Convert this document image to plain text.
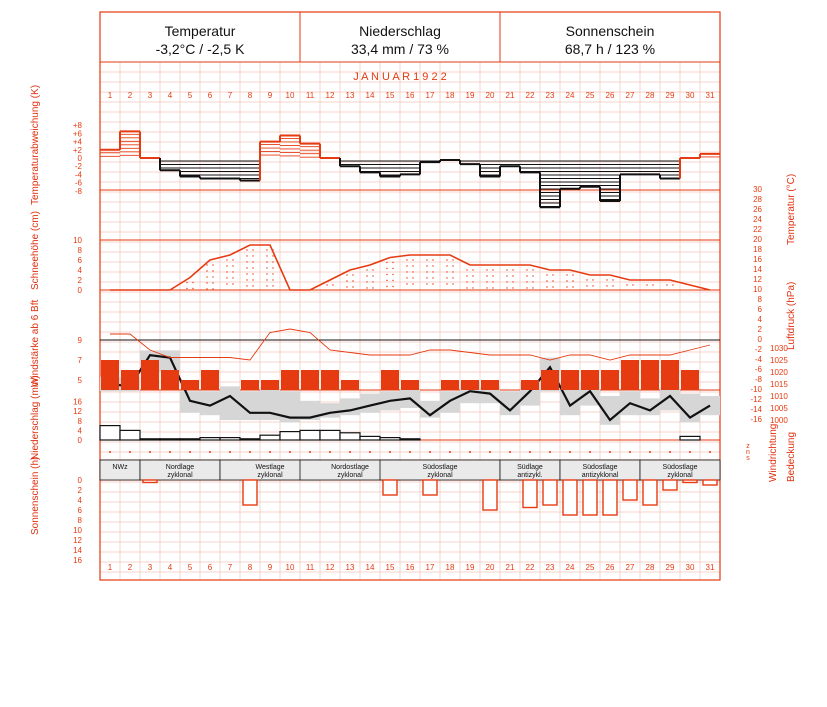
Temperatur
-3,2°C / -2,5 K
Niederschlag
33,4 mm / 73 %
Sonnenschein
68,7 h / 123 %
J A N U A R 1 9 2 2
1
1
2
2
3
3
4
4
5
5
6
6
7
7
8
8
9
9
10
10
11
11
12
12
13
13
14
14
15
15
16
16
17
17
18
18
19
19
20
20
21
21
22
22
23
23
24
24
25
25
26
26
27
27
28
28
29
29
30
30
31
31
+8
+6
+4
+2
0
-2
-4
-6
-8	30
28
26
24
22
20
18
16
14
12
10
8
6
4
2
0
-2
-4
-6
-8
-10
-12
-14
-16
10
8
6
4
2
0
1030
1025
1020
1015
1010
1005
1000
9
7
5
16
12
8
4
0
z
n
s
NWz	Nordlage
zyklonal
Westlage
zyklonal
Nordostlage
zyklonal
Südostlage
zyklonal
Südlage
antizykl.
Südostlage
antizyklonal
Südostlage
zyklonal
0
2
4
6
8
10
12
14
16
Temperaturabweichung (K)
Schneehöhe (cm)
Windstärke ab 6 Bft
Niederschlag (mm)
Sonnenschein (h)
Temperatur (°C)
Luftdruck (hPa)
Windrichtung Bedeckung
